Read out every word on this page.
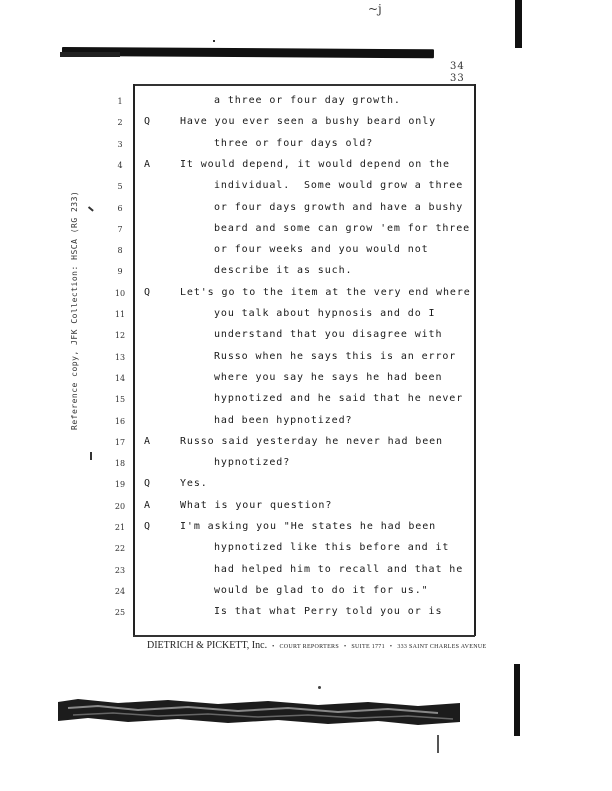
~j
34
33
Reference copy, JFK Collection: HSCA (RG 233)
1	a three or four day growth.
2	Q	Have you ever seen a bushy beard only
3	three or four days old?
4	A	It would depend, it would depend on the
5	individual.  Some would grow a three
6	or four days growth and have a bushy
7	beard and some can grow 'em for three
8	or four weeks and you would not
9	describe it as such.
10	Q	Let's go to the item at the very end where
11	you talk about hypnosis and do I
12	understand that you disagree with
13	Russo when he says this is an error
14	where you say he says he had been
15	hypnotized and he said that he never
16	had been hypnotized?
17	A	Russo said yesterday he never had been
18	hypnotized?
19	Q	Yes.
20	A	What is your question?
21	Q	I'm asking you "He states he had been
22	hypnotized like this before and it
23	had helped him to recall and that he
24	would be glad to do it for us."
25	Is that what Perry told you or is
DIETRICH & PICKETT, Inc. • COURT REPORTERS • SUITE 1771 • 333 SAINT CHARLES AVENUE
